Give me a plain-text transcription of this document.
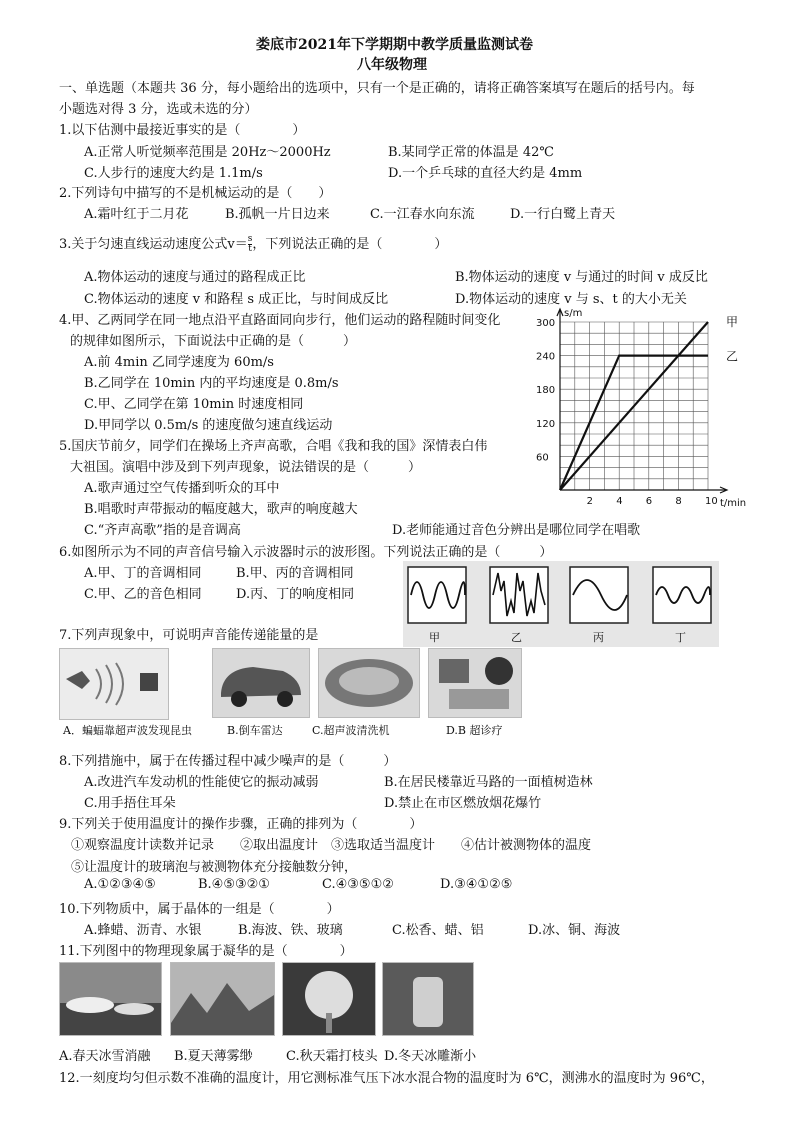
娄底市2021年下学期期中教学质量监测试卷
八年级物理
一、单选题（本题共 36 分，每小题给出的选项中，只有一个是正确的，请将正确答案填写在题后的括号内。每
小题选对得 3 分，选或未选的分）
1.以下估测中最接近事实的是（　　　　）
A.正常人听觉频率范围是 20Hz～2000Hz	B.某同学正常的体温是 42℃
C.人步行的速度大约是 1.1m/s	D.一个乒乓球的直径大约是 4mm
2.下列诗句中描写的不是机械运动的是（　　）
A.霜叶红于二月花	B.孤帆一片日边来	C.一江春水向东流	D.一行白鹭上青天
3.关于匀速直线运动速度公式$v= \frac{s}{t}$ ，下列说法正确的是（　　　　）
A.物体运动的速度与通过的路程成正比	B.物体运动的速度 v 与通过的时间 v 成反比
C.物体运动的速度 v 和路程 s 成正比，与时间成反比	D.物体运动的速度 v 与 s、t 的大小无关
4.甲、乙两同学在同一地点沿平直路面同向步行，他们运动的路程随时间变化
的规律如图所示，下面说法中正确的是（　　　）
A.前 4min 乙同学速度为 60m/s
B.乙同学在 10min 内的平均速度是 0.8m/s
C.甲、乙同学在第 10min 时速度相同
D.甲同学以 0.5m/s 的速度做匀速直线运动
2 4 6 8 10
60
120
180
240
300
s/m
t/min
甲
乙
5.国庆节前夕，同学们在操场上齐声高歌，合唱《我和我的国》深情表白伟
大祖国。演唱中涉及到下列声现象，说法错误的是（　　　）
A.歌声通过空气传播到听众的耳中
B.唱歌时声带振动的幅度越大，歌声的响度越大
C.“齐声高歌”指的是音调高	D.老师能通过音色分辨出是哪位同学在唱歌
6.如图所示为不同的声音信号输入示波器时示的波形图。下列说法正确的是（　　　）
A.甲、丁的音调相同	B.甲、丙的音调相同
C.甲、乙的音色相同	D.丙、丁的响度相同
甲	乙	丙	丁
7.下列声现象中，可说明声音能传递能量的是
A．蝙蝠靠超声波发现昆虫	B.倒车雷达	C.超声波清洗机	D.B 超诊疗
8.下列措施中，属于在传播过程中减少噪声的是（　　　）
A.改进汽车发动机的性能使它的振动减弱	B.在居民楼靠近马路的一面植树造林
C.用手捂住耳朵	D.禁止在市区燃放烟花爆竹
9.下列关于使用温度计的操作步骤，正确的排列为（　　　　）
①观察温度计读数并记录　　②取出温度计　③选取适当温度计　　④估计被测物体的温度
⑤让温度计的玻璃泡与被测物体充分接触数分钟，
A.①②③④⑤	B.④⑤③②①	C.④③⑤①②	D.③④①②⑤
10.下列物质中，属于晶体的一组是（　　　　）
A.蜂蜡、沥青、水银	B.海波、铁、玻璃	C.松香、蜡、铝	D.冰、铜、海波
11.下列图中的物理现象属于凝华的是（　　　　）
A.春天冰雪消融 B.夏天薄雾缈	C.秋天霜打枝头 D.冬天冰雕渐小
12.一刻度均匀但示数不准确的温度计，用它测标准气压下冰水混合物的温度时为 6℃，测沸水的温度时为 96℃，
